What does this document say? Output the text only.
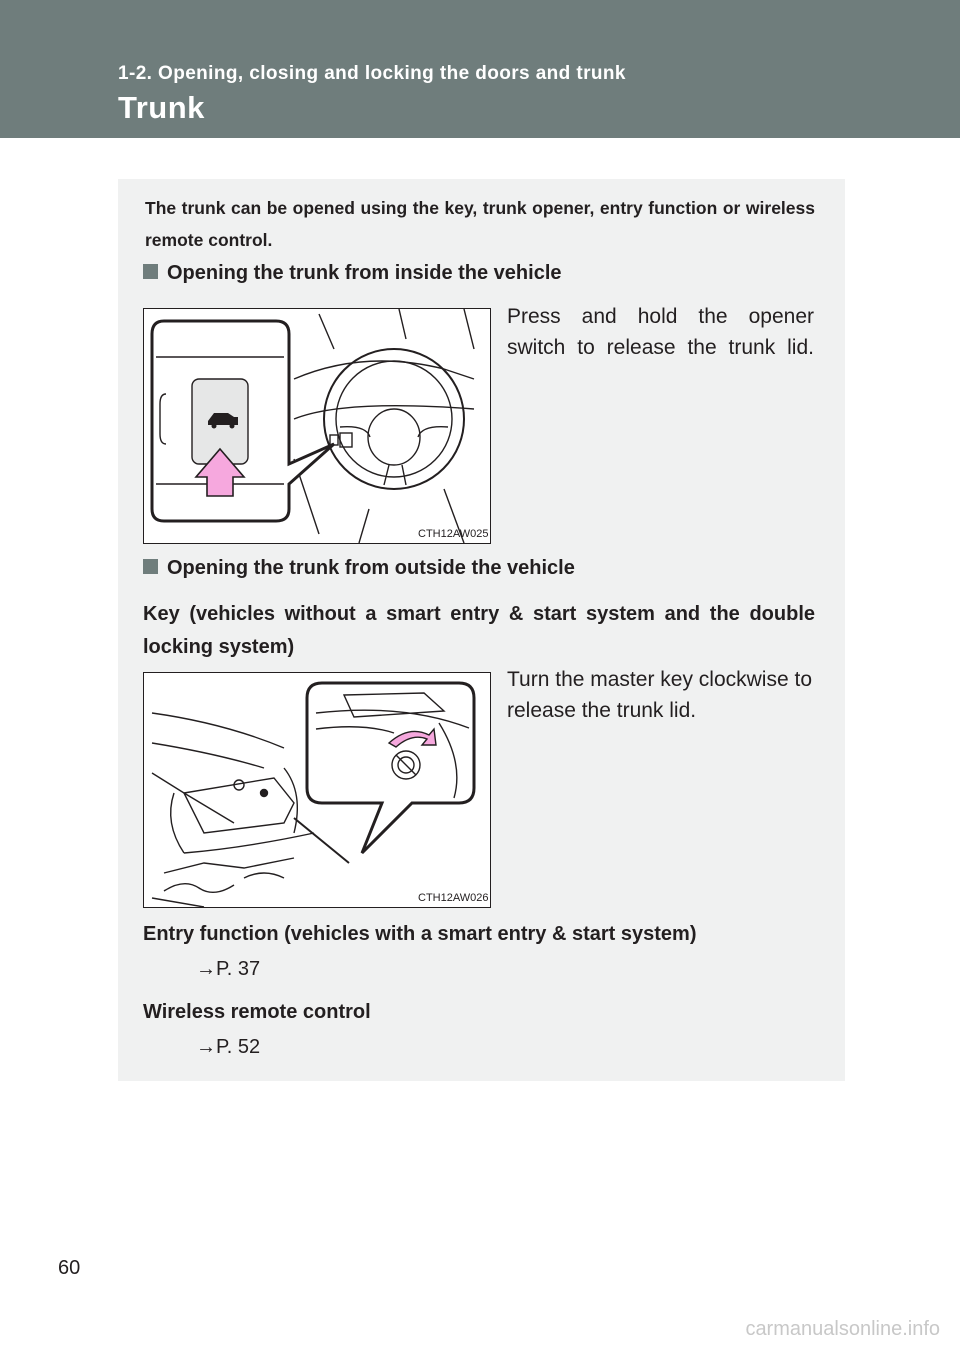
1-2. Opening, closing and locking the doors and trunk
Trunk
The trunk can be opened using the key, trunk opener, entry function or wireless remote control.
Opening the trunk from inside the vehicle
CTH12AW025
Press and hold the opener switch to release the trunk lid.
Opening the trunk from outside the vehicle
Key (vehicles without a smart entry & start system and the double locking system)
CTH12AW026
Turn the master key clockwise to release the trunk lid.
Entry function (vehicles with a smart entry & start system)
→P. 37
Wireless remote control
→P. 52
60
carmanualsonline.info
